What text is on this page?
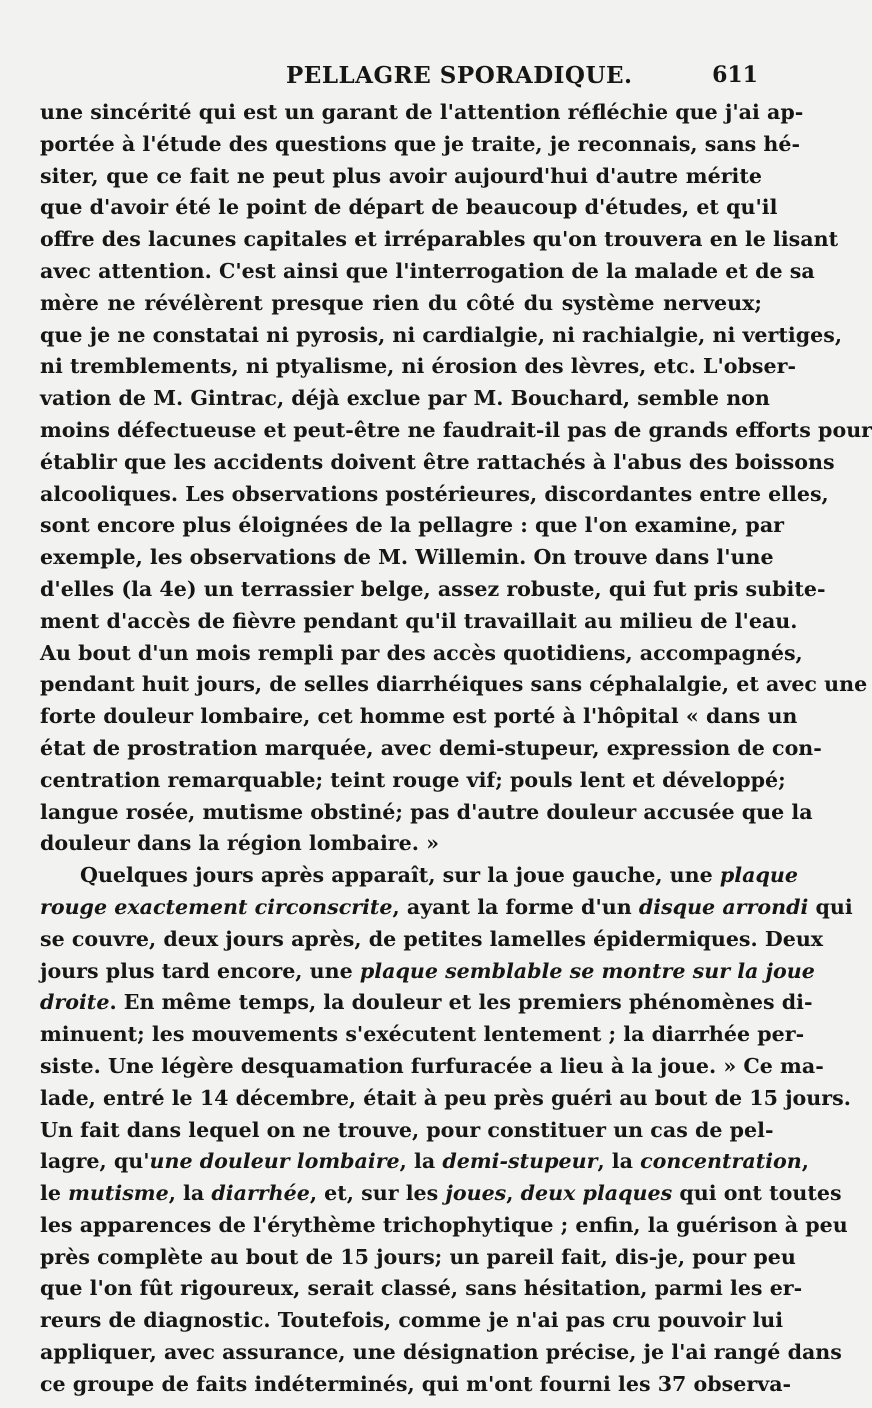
PELLAGRE SPORADIQUE.	611
une sincérité qui est un garant de l'attention réfléchie que j'ai ap-
portée à l'étude des questions que je traite, je reconnais, sans hé-
siter, que ce fait ne peut plus avoir aujourd'hui d'autre mérite
que d'avoir été le point de départ de beaucoup d'études, et qu'il
offre des lacunes capitales et irréparables qu'on trouvera en le lisant
avec attention. C'est ainsi que l'interrogation de la malade et de sa
mère ne révélèrent presque rien du côté du système nerveux;
que je ne constatai ni pyrosis, ni cardialgie, ni rachialgie, ni vertiges,
ni tremblements, ni ptyalisme, ni érosion des lèvres, etc. L'obser-
vation de M. Gintrac, déjà exclue par M. Bouchard, semble non
moins défectueuse et peut-être ne faudrait-il pas de grands efforts pour
établir que les accidents doivent être rattachés à l'abus des boissons
alcooliques. Les observations postérieures, discordantes entre elles,
sont encore plus éloignées de la pellagre : que l'on examine, par
exemple, les observations de M. Willemin. On trouve dans l'une
d'elles (la 4e) un terrassier belge, assez robuste, qui fut pris subite-
ment d'accès de fièvre pendant qu'il travaillait au milieu de l'eau.
Au bout d'un mois rempli par des accès quotidiens, accompagnés,
pendant huit jours, de selles diarrhéiques sans céphalalgie, et avec une
forte douleur lombaire, cet homme est porté à l'hôpital « dans un
état de prostration marquée, avec demi-stupeur, expression de con-
centration remarquable; teint rouge vif; pouls lent et développé;
langue rosée, mutisme obstiné; pas d'autre douleur accusée que la
douleur dans la région lombaire. »
Quelques jours après apparaît, sur la joue gauche, une plaque
rouge exactement circonscrite, ayant la forme d'un disque arrondi qui
se couvre, deux jours après, de petites lamelles épidermiques. Deux
jours plus tard encore, une plaque semblable se montre sur la joue
droite. En même temps, la douleur et les premiers phénomènes di-
minuent; les mouvements s'exécutent lentement ; la diarrhée per-
siste. Une légère desquamation furfuracée a lieu à la joue. » Ce ma-
lade, entré le 14 décembre, était à peu près guéri au bout de 15 jours.
Un fait dans lequel on ne trouve, pour constituer un cas de pel-
lagre, qu'une douleur lombaire, la demi-stupeur, la concentration,
le mutisme, la diarrhée, et, sur les joues, deux plaques qui ont toutes
les apparences de l'érythème trichophytique ; enfin, la guérison à peu
près complète au bout de 15 jours; un pareil fait, dis-je, pour peu
que l'on fût rigoureux, serait classé, sans hésitation, parmi les er-
reurs de diagnostic. Toutefois, comme je n'ai pas cru pouvoir lui
appliquer, avec assurance, une désignation précise, je l'ai rangé dans
ce groupe de faits indéterminés, qui m'ont fourni les 37 observa-
